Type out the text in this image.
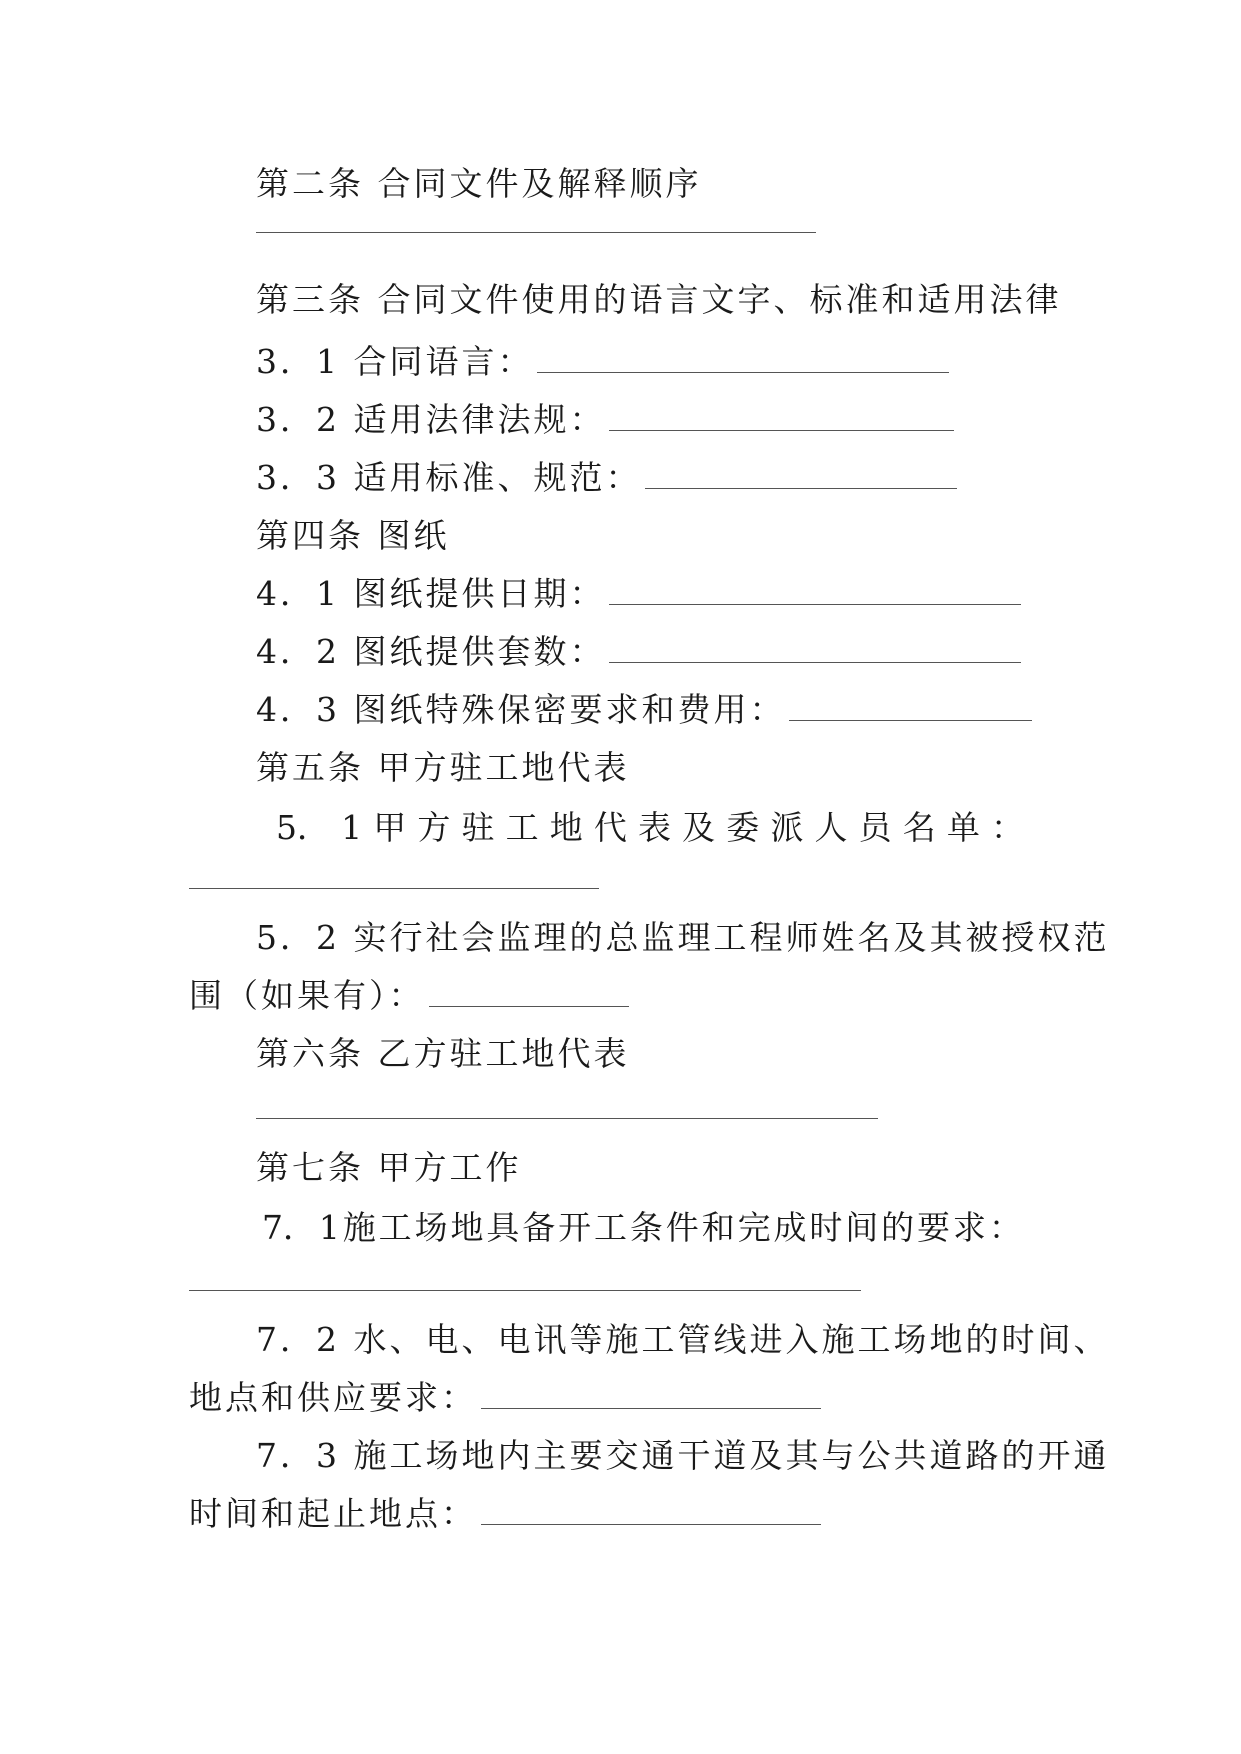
第二条 合同文件及解释顺序
第三条 合同文件使用的语言文字、标准和适用法律
3．1 合同语言：
3．2 适用法律法规：
3．3 适用标准、规范：
第四条 图纸
4．1 图纸提供日期：
4．2 图纸提供套数：
4．3 图纸特殊保密要求和费用：
第五条 甲方驻工地代表
5． 1 甲 方 驻 工 地 代 表 及 委 派 人 员 名 单 ：
5．2 实行社会监理的总监理工程师姓名及其被授权范
围（如果有）：
第六条 乙方驻工地代表
第七条 甲方工作
7． 1 施 工 场 地 具 备 开 工 条 件 和 完 成 时 间 的 要 求 ：
7．2 水、电、电讯等施工管线进入施工场地的时间、
地点和供应要求：
7．3 施工场地内主要交通干道及其与公共道路的开通
时间和起止地点：
